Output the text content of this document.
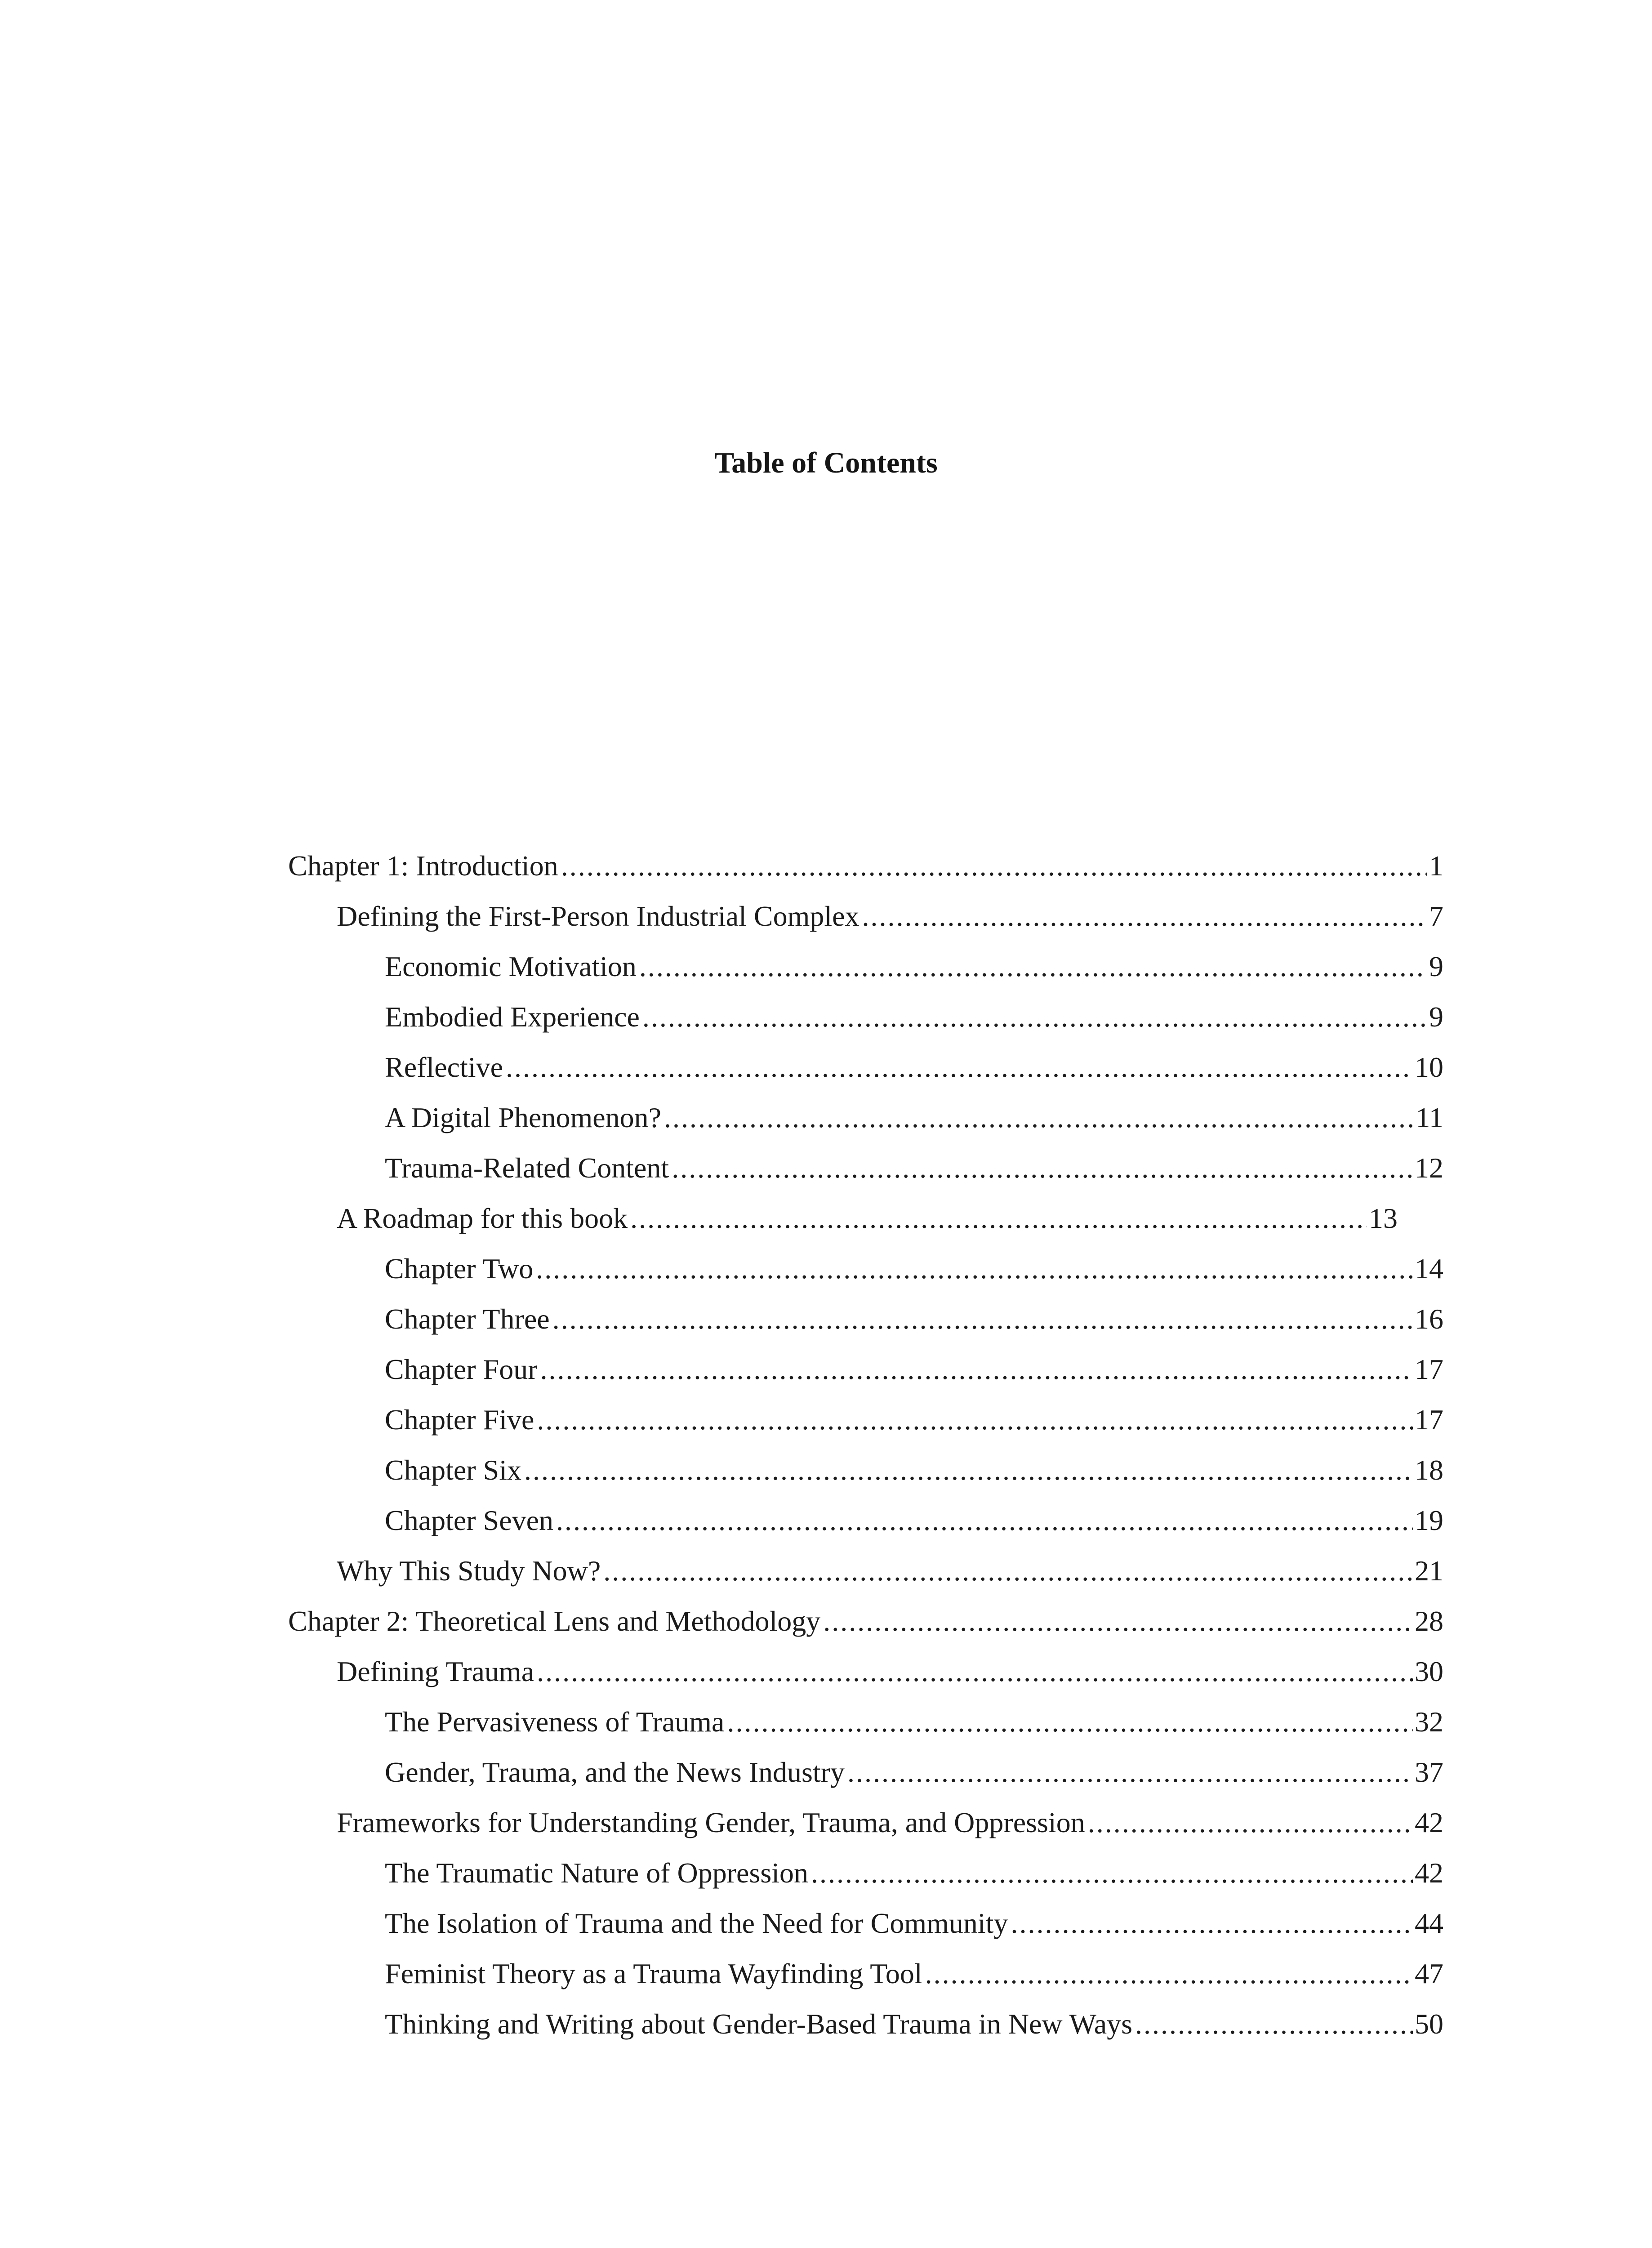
Table of Contents
Chapter 1: Introduction .....	1
Defining the First-Person Industrial Complex .....	7
Economic Motivation .....	9
Embodied Experience .....	9
Reflective .....	10
A Digital Phenomenon? .....	11
Trauma-Related Content .....	12
A Roadmap for this book .....	13
Chapter Two .....	14
Chapter Three .....	16
Chapter Four .....	17
Chapter Five .....	17
Chapter Six .....	18
Chapter Seven .....	19
Why This Study Now? .....	21
Chapter 2: Theoretical Lens and Methodology .....	28
Defining Trauma .....	30
The Pervasiveness of Trauma .....	32
Gender, Trauma, and the News Industry .....	37
Frameworks for Understanding Gender, Trauma, and Oppression .....	42
The Traumatic Nature of Oppression .....	42
The Isolation of Trauma and the Need for Community .....	44
Feminist Theory as a Trauma Wayfinding Tool .....	47
Thinking and Writing about Gender-Based Trauma in New Ways .....	50
